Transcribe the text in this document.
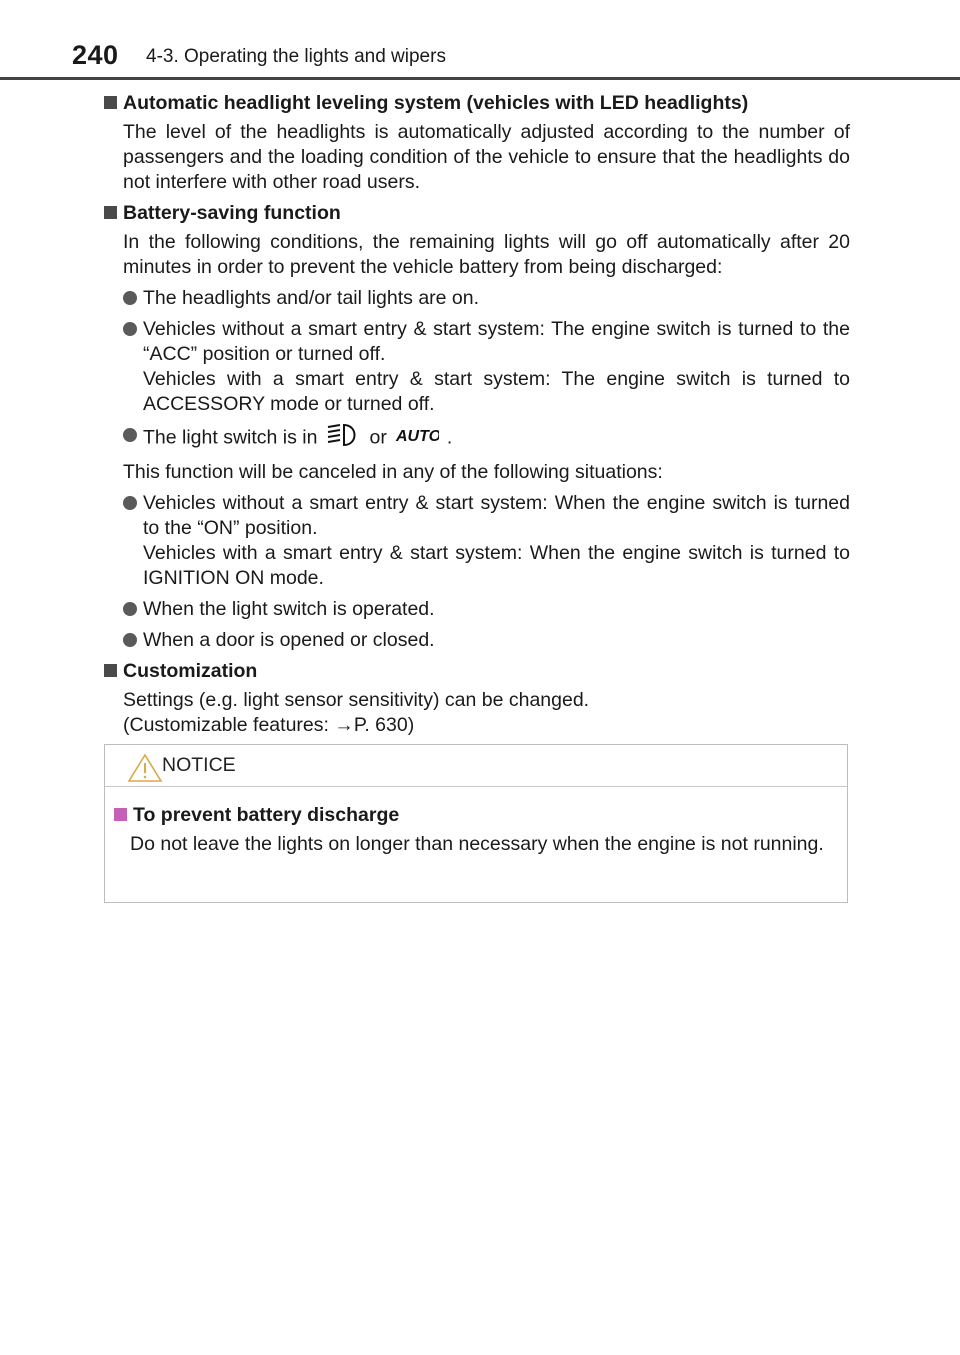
240 4-3. Operating the lights and wipers
Automatic headlight leveling system (vehicles with LED headlights)

The level of the headlights is automatically adjusted according to the number of passengers and the loading condition of the vehicle to ensure that the headlights do not interfere with other road users.

Battery-saving function

In the following conditions, the remaining lights will go off automatically after 20 minutes in order to prevent the vehicle battery from being discharged:

The headlights and/or tail lights are on.

Vehicles without a smart entry & start system: The engine switch is turned to the “ACC” position or turned off.

Vehicles with a smart entry & start system: The engine switch is turned to ACCESSORY mode or turned off.

The light switch is in	or AUTO .

This function will be canceled in any of the following situations:

Vehicles without a smart entry & start system: When the engine switch is turned to the “ON” position.

Vehicles with a smart entry & start system: When the engine switch is turned to IGNITION ON mode.

When the light switch is operated.

When a door is opened or closed.

Customization

Settings (e.g. light sensor sensitivity) can be changed.

(Customizable features: →P. 630)

NOTICE
To prevent battery discharge

Do not leave the lights on longer than necessary when the engine is not running.
